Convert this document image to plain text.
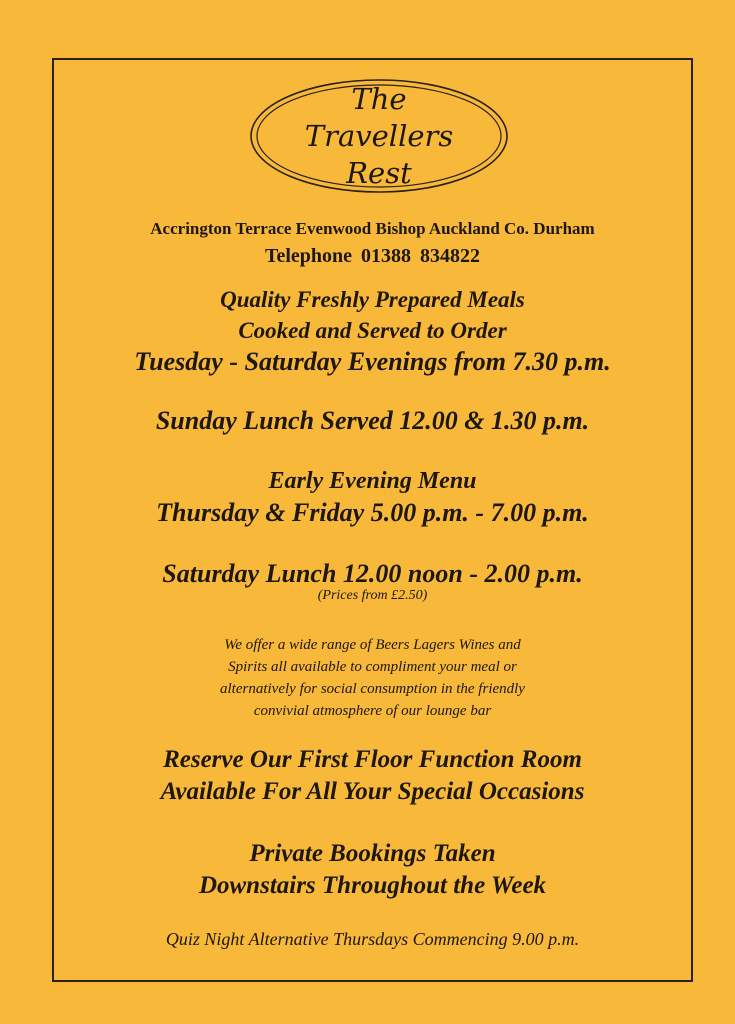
The
Travellers
Rest
Accrington Terrace Evenwood Bishop Auckland Co. Durham
Telephone 01388 834822
Quality Freshly Prepared Meals
Cooked and Served to Order
Tuesday - Saturday Evenings from 7.30 p.m.
Sunday Lunch Served 12.00 & 1.30 p.m.
Early Evening Menu
Thursday & Friday 5.00 p.m. - 7.00 p.m.
Saturday Lunch 12.00 noon - 2.00 p.m.
(Prices from £2.50)
We offer a wide range of Beers Lagers Wines and
Spirits all available to compliment your meal or
alternatively for social consumption in the friendly
convivial atmosphere of our lounge bar
Reserve Our First Floor Function Room
Available For All Your Special Occasions
Private Bookings Taken
Downstairs Throughout the Week
Quiz Night Alternative Thursdays Commencing 9.00 p.m.
